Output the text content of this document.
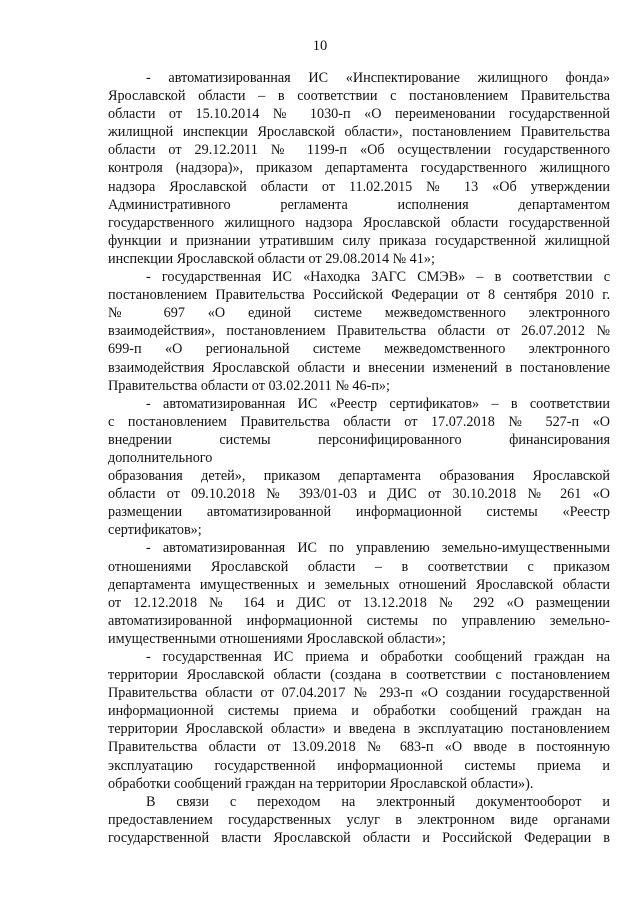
10
- автоматизированная ИС «Инспектирование жилищного фонда»
Ярославской области – в соответствии с постановлением Правительства
области от 15.10.2014 № 1030-п «О переименовании государственной
жилищной инспекции Ярославской области», постановлением Правительства
области от 29.12.2011 № 1199-п «Об осуществлении государственного
контроля (надзора)», приказом департамента государственного жилищного
надзора Ярославской области от 11.02.2015 № 13 «Об утверждении
Административного регламента исполнения департаментом
государственного жилищного надзора Ярославской области государственной
функции и признании утратившим силу приказа государственной жилищной
инспекции Ярославской области от 29.08.2014 № 41»;
- государственная ИС «Находка ЗАГС СМЭВ» – в соответствии с
постановлением Правительства Российской Федерации от 8 сентября 2010 г.
№ 697 «О единой системе межведомственного электронного
взаимодействия», постановлением Правительства области от 26.07.2012 №
699-п «О региональной системе межведомственного электронного
взаимодействия Ярославской области и внесении изменений в постановление
Правительства области от 03.02.2011 № 46-п»;
- автоматизированная ИС «Реестр сертификатов» – в соответствии
с постановлением Правительства области от 17.07.2018 № 527-п «О
внедрении системы персонифицированного финансирования
дополнительного
образования детей», приказом департамента образования Ярославской
области от 09.10.2018 № 393/01-03 и ДИС от 30.10.2018 № 261 «О
размещении автоматизированной информационной системы «Реестр
сертификатов»;
- автоматизированная ИС по управлению земельно-имущественными
отношениями Ярославской области – в соответствии с приказом
департамента имущественных и земельных отношений Ярославской области
от 12.12.2018 № 164 и ДИС от 13.12.2018 № 292 «О размещении
автоматизированной информационной системы по управлению земельно-
имущественными отношениями Ярославской области»;
- государственная ИС приема и обработки сообщений граждан на
территории Ярославской области (создана в соответствии с постановлением
Правительства области от 07.04.2017 № 293-п «О создании государственной
информационной системы приема и обработки сообщений граждан на
территории Ярославской области» и введена в эксплуатацию постановлением
Правительства области от 13.09.2018 № 683-п «О вводе в постоянную
эксплуатацию государственной информационной системы приема и
обработки сообщений граждан на территории Ярославской области»).
В связи с переходом на электронный документооборот и
предоставлением государственных услуг в электронном виде органами
государственной власти Ярославской области и Российской Федерации в
